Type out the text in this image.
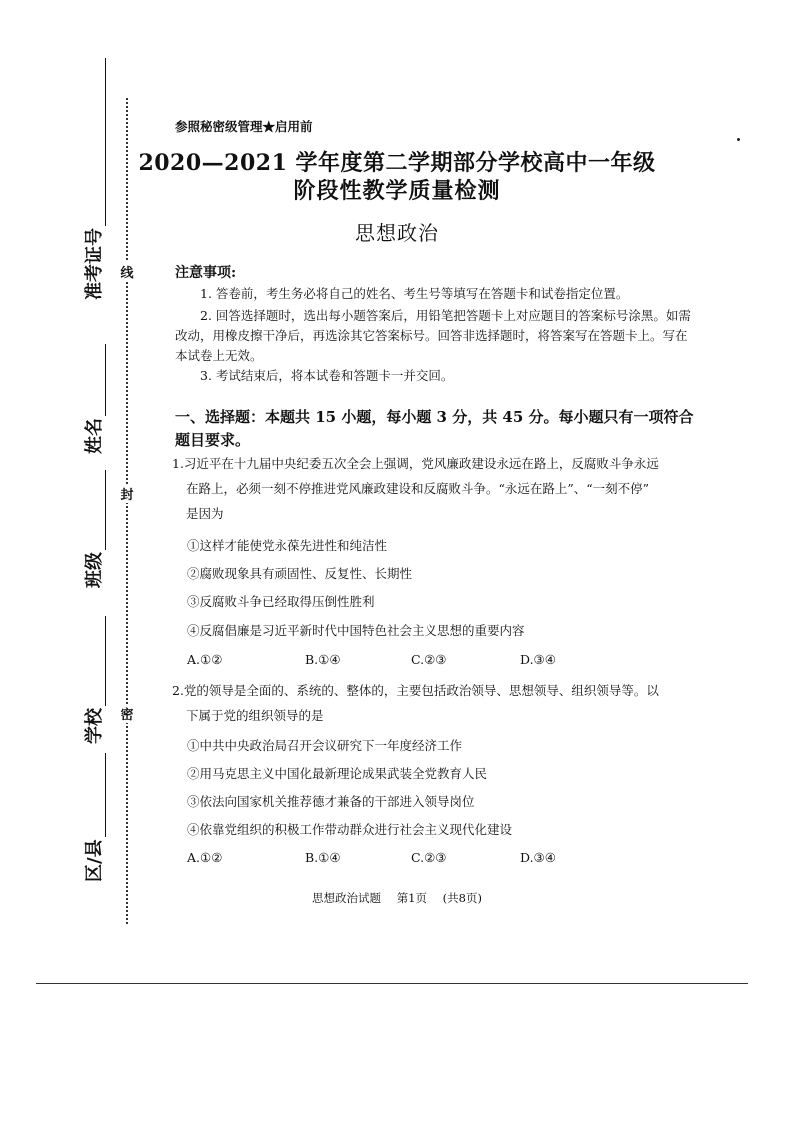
线
封
密
准考证号
姓名
班级
学校
区/县
参照秘密级管理★启用前
2020—2021 学年度第二学期部分学校高中一年级
阶段性教学质量检测
思想政治
注意事项:
1. 答卷前，考生务必将自己的姓名、考生号等填写在答题卡和试卷指定位置。
2. 回答选择题时，选出每小题答案后，用铅笔把答题卡上对应题目的答案标号涂黑。如需改动，用橡皮擦干净后，再选涂其它答案标号。回答非选择题时，将答案写在答题卡上。写在本试卷上无效。
3. 考试结束后，将本试卷和答题卡一并交回。
一、选择题：本题共 15 小题，每小题 3 分，共 45 分。每小题只有一项符合题目要求。
1.习近平在十九届中央纪委五次全会上强调，党风廉政建设永远在路上，反腐败斗争永远
在路上，必须一刻不停推进党风廉政建设和反腐败斗争。“永远在路上”、“一刻不停”
是因为
①这样才能使党永葆先进性和纯洁性
②腐败现象具有顽固性、反复性、长期性
③反腐败斗争已经取得压倒性胜利
④反腐倡廉是习近平新时代中国特色社会主义思想的重要内容
A.①②	B.①④	C.②③	D.③④
2.党的领导是全面的、系统的、整体的，主要包括政治领导、思想领导、组织领导等。以
下属于党的组织领导的是
①中共中央政治局召开会议研究下一年度经济工作
②用马克思主义中国化最新理论成果武装全党教育人民
③依法向国家机关推荐德才兼备的干部进入领导岗位
④依靠党组织的积极工作带动群众进行社会主义现代化建设
A.①②	B.①④	C.②③	D.③④
思想政治试题 第1页 (共8页)
